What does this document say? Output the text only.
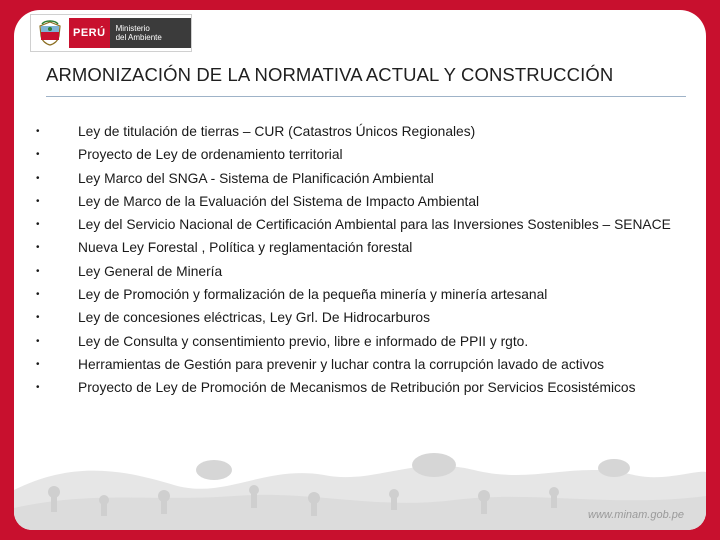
PERÚ	Ministerio
del Ambiente
ARMONIZACIÓN DE LA NORMATIVA ACTUAL Y CONSTRUCCIÓN
•	Ley de titulación de tierras – CUR (Catastros Únicos Regionales)
•	Proyecto de Ley de ordenamiento territorial
•	Ley Marco del SNGA - Sistema de Planificación Ambiental
•	Ley de Marco de la Evaluación del Sistema de Impacto Ambiental
•	Ley del Servicio Nacional de Certificación Ambiental para las Inversiones Sostenibles – SENACE
•	Nueva Ley Forestal , Política y reglamentación forestal
•	Ley General de Minería
•	Ley de Promoción y formalización de la pequeña minería y minería artesanal
•	Ley de concesiones eléctricas, Ley Grl. De Hidrocarburos
•	Ley de Consulta y consentimiento previo, libre e informado de PPII y rgto.
•	Herramientas de Gestión para prevenir y luchar contra la corrupción lavado de activos
•	Proyecto de Ley de Promoción de Mecanismos de Retribución por Servicios Ecosistémicos
www.minam.gob.pe
